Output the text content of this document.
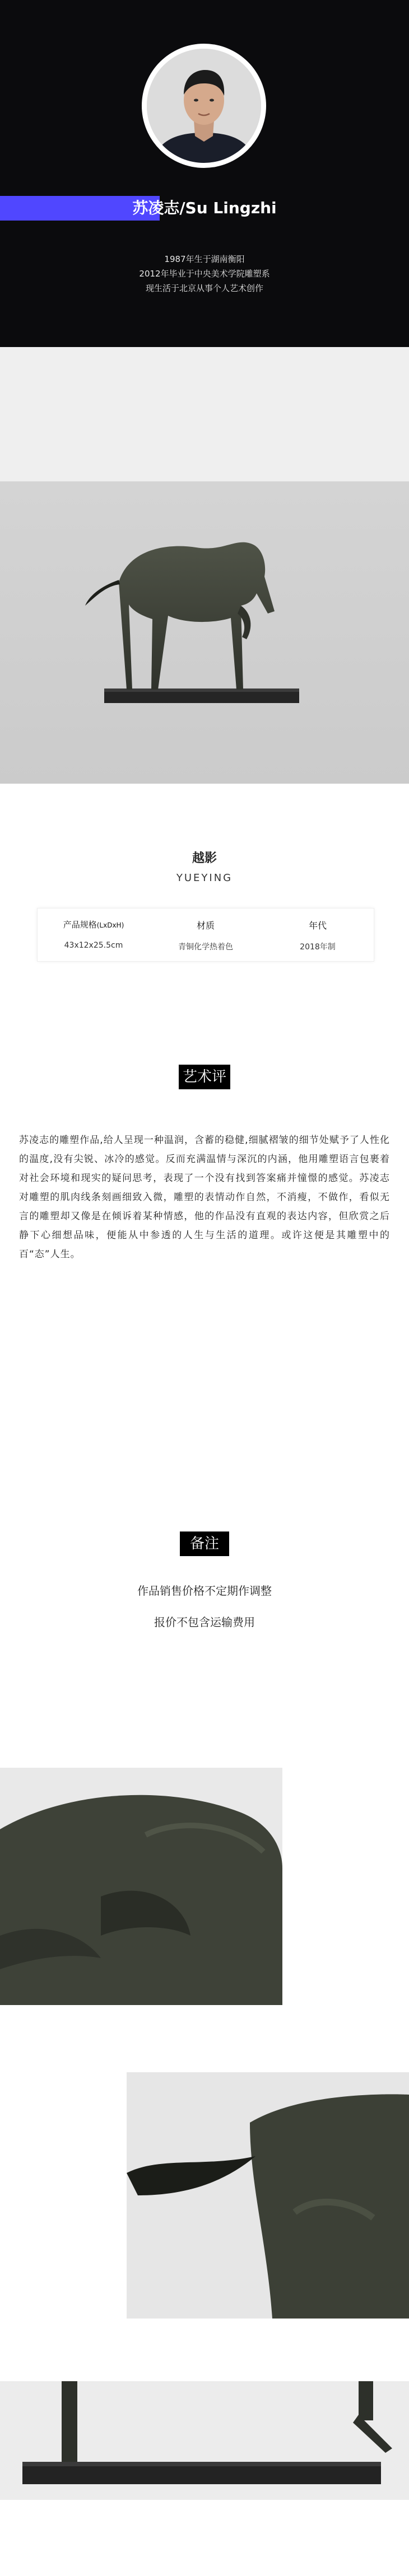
苏凌志/Su Lingzhi
1987年生于湖南衡阳
2012年毕业于中央美术学院雕塑系
现生活于北京从事个人艺术创作
越影
YUEYING
产品规格(LxDxH)
43x12x25.5cm
材质
青铜化学热着色
年代
2018年制
艺术评价
苏凌志的雕塑作品,给人呈现一种温润，含蓄的稳健,细腻褶皱的细节处赋予了人性化的温度,没有尖锐、冰冷的感觉。反而充满温情与深沉的内涵，他用雕塑语言包裹着对社会环境和现实的疑问思考，表现了一个没有找到答案痛并憧憬的感觉。苏凌志对雕塑的肌肉线条刻画细致入微，雕塑的表情动作自然，不消瘦，不做作，看似无言的雕塑却又像是在倾诉着某种情感，他的作品没有直观的表达内容，但欣赏之后静下心细想品味，便能从中参透的人生与生活的道理。或许这便是其雕塑中的百“态”人生。
备注
作品销售价格不定期作调整
报价不包含运输费用
